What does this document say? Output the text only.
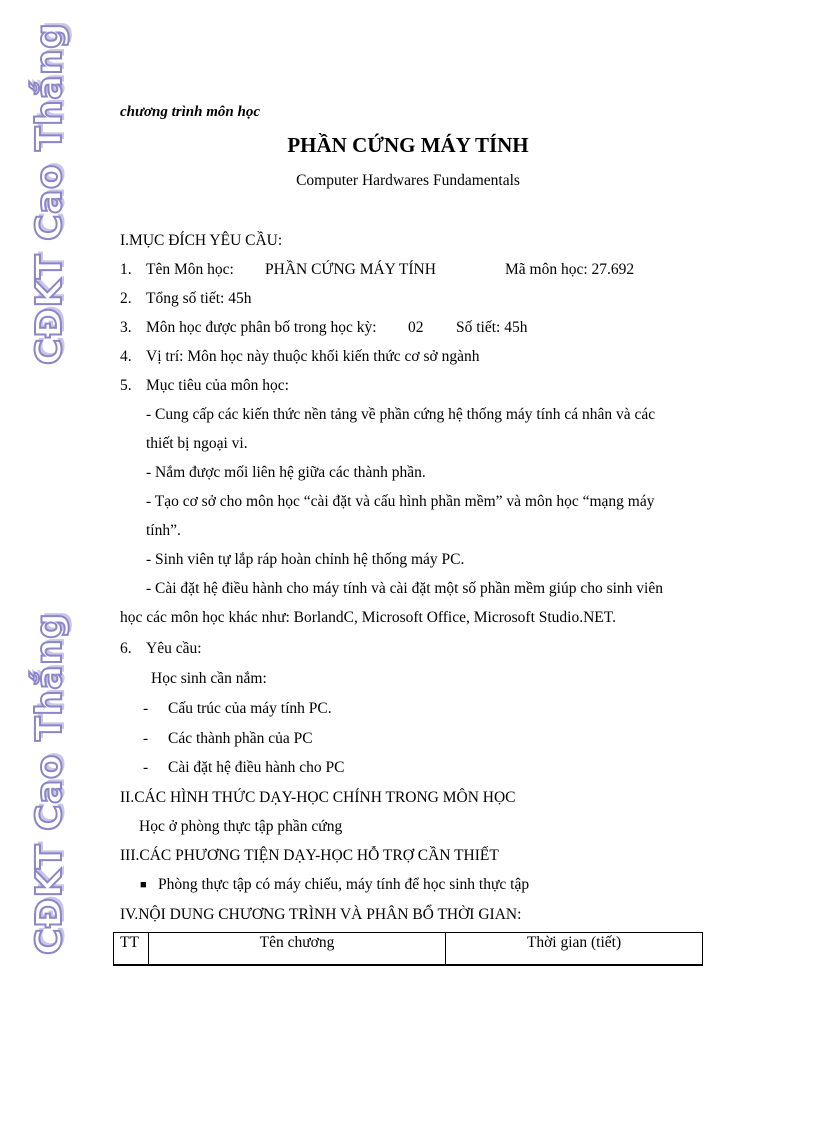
CĐKT Cao Thắng
CĐKT Cao Thắng
chương trình môn học
PHẦN CỨNG MÁY TÍNH
Computer Hardwares Fundamentals
I.MỤC ĐÍCH YÊU CẦU:
1. Tên Môn học: PHẦN CỨNG MÁY TÍNH	Mã môn học: 27.692
2. Tổng số tiết: 45h
3. Môn học được phân bố trong học kỳ: 02 Số tiết: 45h
4. Vị trí: Môn học này thuộc khối kiến thức cơ sở ngành
5. Mục tiêu của môn học:
- Cung cấp các kiến thức nền tảng về phần cứng hệ thống máy tính cá nhân và các
thiết bị ngoại vi.
- Nắm được mối liên hệ giữa các thành phần.
- Tạo cơ sở cho môn học “cài đặt và cấu hình phần mềm” và môn học “mạng máy
tính”.
- Sinh viên tự lắp ráp hoàn chỉnh hệ thống máy PC.
- Cài đặt hệ điều hành cho máy tính và cài đặt một số phần mềm giúp cho sinh viên
học các môn học khác như: BorlandC, Microsoft Office, Microsoft Studio.NET.
6. Yêu cầu:
Học sinh cần nắm:
- Cấu trúc của máy tính PC.
- Các thành phần của PC
- Cài đặt hệ điều hành cho PC
II.CÁC HÌNH THỨC DẠY-HỌC CHÍNH TRONG MÔN HỌC
Học ở phòng thực tập phần cứng
III.CÁC PHƯƠNG TIỆN DẠY-HỌC HỖ TRỢ CẦN THIẾT
■ Phòng thực tập có máy chiếu, máy tính để học sinh thực tập
IV.NỘI DUNG CHƯƠNG TRÌNH VÀ PHÂN BỔ THỜI GIAN:
TT	Tên chương	Thời gian (tiết)
